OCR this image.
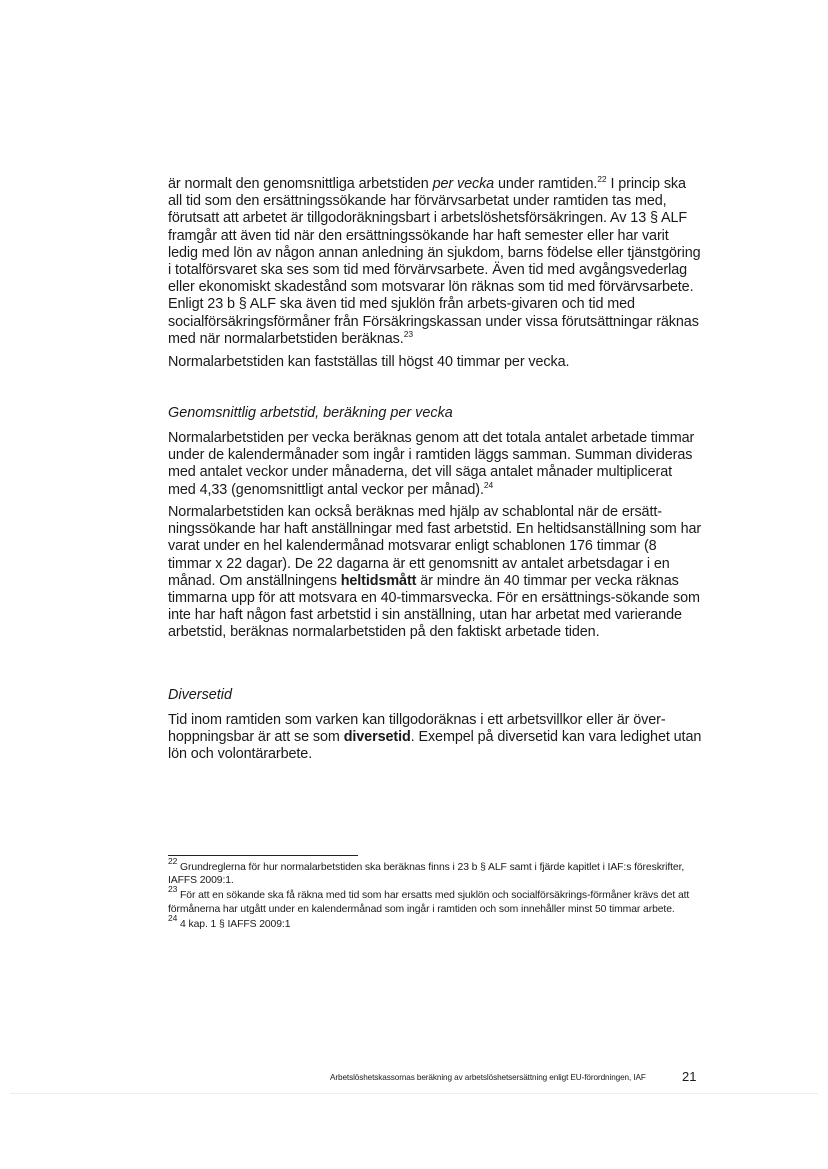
är normalt den genomsnittliga arbetstiden per vecka under ramtiden.$^{22}$ I princip ska all tid som den ersättningssökande har förvärvsarbetat under ramtiden tas med, förutsatt att arbetet är tillgodoräkningsbart i arbetslöshetsförsäkringen. Av 13 § ALF framgår att även tid när den ersättningssökande har haft semester eller har varit ledig med lön av någon annan anledning än sjukdom, barns födelse eller tjänstgöring i totalförsvaret ska ses som tid med förvärvsarbete. Även tid med avgångsvederlag eller ekonomiskt skadestånd som motsvarar lön räknas som tid med förvärvsarbete. Enligt 23 b § ALF ska även tid med sjuklön från arbets-givaren och tid med socialförsäkringsförmåner från Försäkringskassan under vissa förutsättningar räknas med när normalarbetstiden beräknas.$^{23}$

Normalarbetstiden kan fastställas till högst 40 timmar per vecka.

Genomsnittlig arbetstid, beräkning per vecka

Normalarbetstiden per vecka beräknas genom att det totala antalet arbetade timmar under de kalendermånader som ingår i ramtiden läggs samman. Summan divideras med antalet veckor under månaderna, det vill säga antalet månader multiplicerat med 4,33 (genomsnittligt antal veckor per månad).$^{24}$

Normalarbetstiden kan också beräknas med hjälp av schablontal när de ersätt-ningssökande har haft anställningar med fast arbetstid. En heltidsanställning som har varat under en hel kalendermånad motsvarar enligt schablonen 176 timmar (8 timmar x 22 dagar). De 22 dagarna är ett genomsnitt av antalet arbetsdagar i en månad. Om anställningens heltidsmått är mindre än 40 timmar per vecka räknas timmarna upp för att motsvara en 40-timmarsvecka. För en ersättnings-sökande som inte har haft någon fast arbetstid i sin anställning, utan har arbetat med varierande arbetstid, beräknas normalarbetstiden på den faktiskt arbetade tiden.

Diversetid

Tid inom ramtiden som varken kan tillgodoräknas i ett arbetsvillkor eller är över-hoppningsbar är att se som diversetid. Exempel på diversetid kan vara ledighet utan lön och volontärarbete.

$^{22}$ Grundreglerna för hur normalarbetstiden ska beräknas finns i 23 b § ALF samt i fjärde kapitlet i IAF:s föreskrifter, IAFFS 2009:1.

$^{23}$ För att en sökande ska få räkna med tid som har ersatts med sjuklön och socialförsäkrings-förmåner krävs det att förmånerna har utgått under en kalendermånad som ingår i ramtiden och som innehåller minst 50 timmar arbete.

$^{24}$ 4 kap. 1 § IAFFS 2009:1

Arbetslöshetskassornas beräkning av arbetslöshetsersättning enligt EU-förordningen, IAF	21
